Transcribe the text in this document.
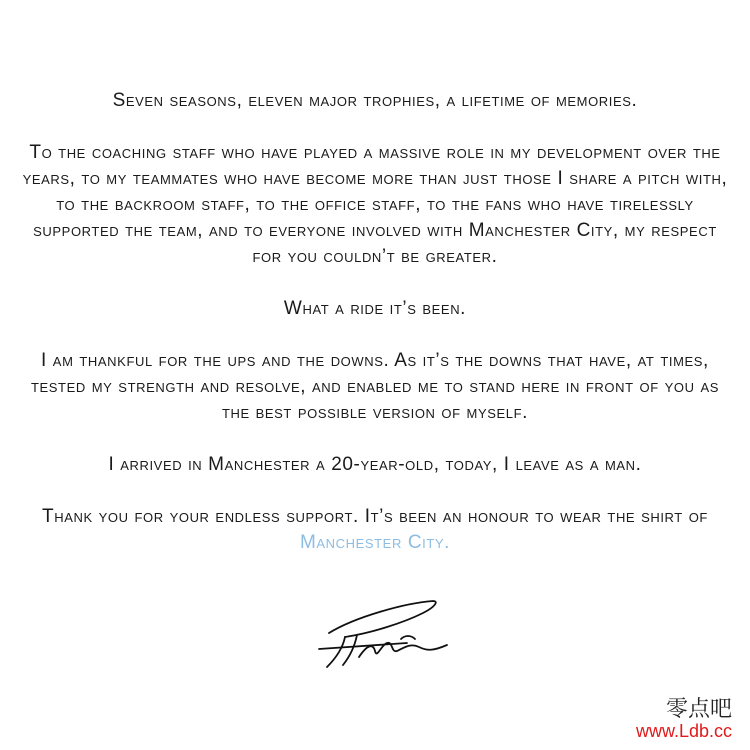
Seven seasons, eleven major trophies, a lifetime of memories.

To the coaching staff who have played a massive role in my development over the years, to my teammates who have become more than just those I share a pitch with, to the backroom staff, to the office staff, to the fans who have tirelessly supported the team, and to everyone involved with Manchester City, my respect for you couldn’t be greater.

What a ride it’s been.

I am thankful for the ups and the downs. As it’s the downs that have, at times, tested my strength and resolve, and enabled me to stand here in front of you as the best possible version of myself.

I arrived in Manchester a 20-year-old, today, I leave as a man.

Thank you for your endless support. It’s been an honour to wear the shirt of
Manchester City.

零点吧
www.Ldb.cc
